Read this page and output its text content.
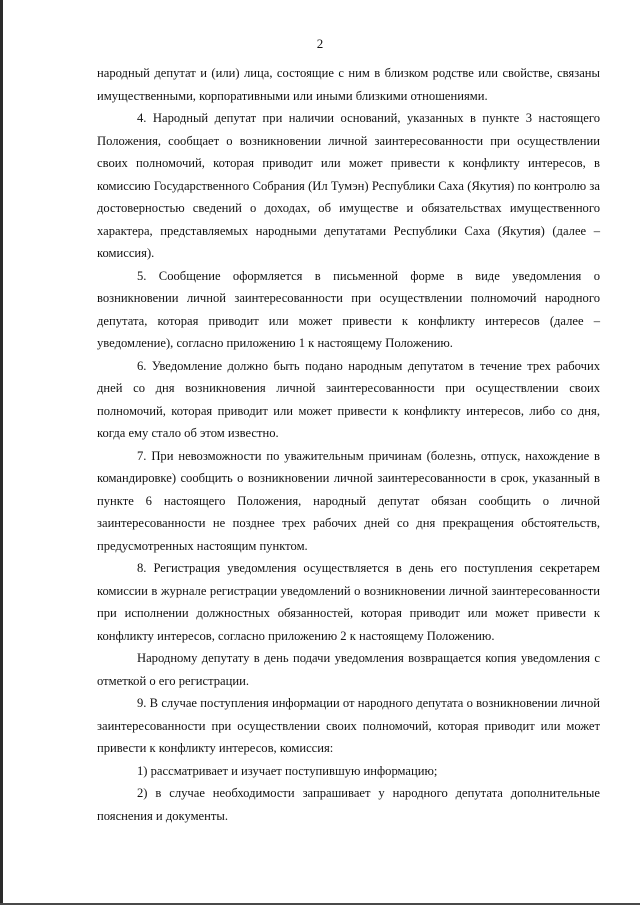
2

народный депутат и (или) лица, состоящие с ним в близком родстве или свойстве, связаны имущественными, корпоративными или иными близкими отношениями.

4. Народный депутат при наличии оснований, указанных в пункте 3 настоящего Положения, сообщает о возникновении личной заинтересованности при осуществлении своих полномочий, которая приводит или может привести к конфликту интересов, в комиссию Государственного Собрания (Ил Тумэн) Республики Саха (Якутия) по контролю за достоверностью сведений о доходах, об имуществе и обязательствах имущественного характера, представляемых народными депутатами Республики Саха (Якутия) (далее – комиссия).

5. Сообщение оформляется в письменной форме в виде уведомления о возникновении личной заинтересованности при осуществлении полномочий народного депутата, которая приводит или может привести к конфликту интересов (далее – уведомление), согласно приложению 1 к настоящему Положению.

6. Уведомление должно быть подано народным депутатом в течение трех рабочих дней со дня возникновения личной заинтересованности при осуществлении своих полномочий, которая приводит или может привести к конфликту интересов, либо со дня, когда ему стало об этом известно.

7. При невозможности по уважительным причинам (болезнь, отпуск, нахождение в командировке) сообщить о возникновении личной заинтересованности в срок, указанный в пункте 6 настоящего Положения, народный депутат обязан сообщить о личной заинтересованности не позднее трех рабочих дней со дня прекращения обстоятельств, предусмотренных настоящим пунктом.

8. Регистрация уведомления осуществляется в день его поступления секретарем комиссии в журнале регистрации уведомлений о возникновении личной заинтересованности при исполнении должностных обязанностей, которая приводит или может привести к конфликту интересов, согласно приложению 2 к настоящему Положению.

Народному депутату в день подачи уведомления возвращается копия уведомления с отметкой о его регистрации.

9. В случае поступления информации от народного депутата о возникновении личной заинтересованности при осуществлении своих полномочий, которая приводит или может привести к конфликту интересов, комиссия:

1) рассматривает и изучает поступившую информацию;

2) в случае необходимости запрашивает у народного депутата дополнительные пояснения и документы.
